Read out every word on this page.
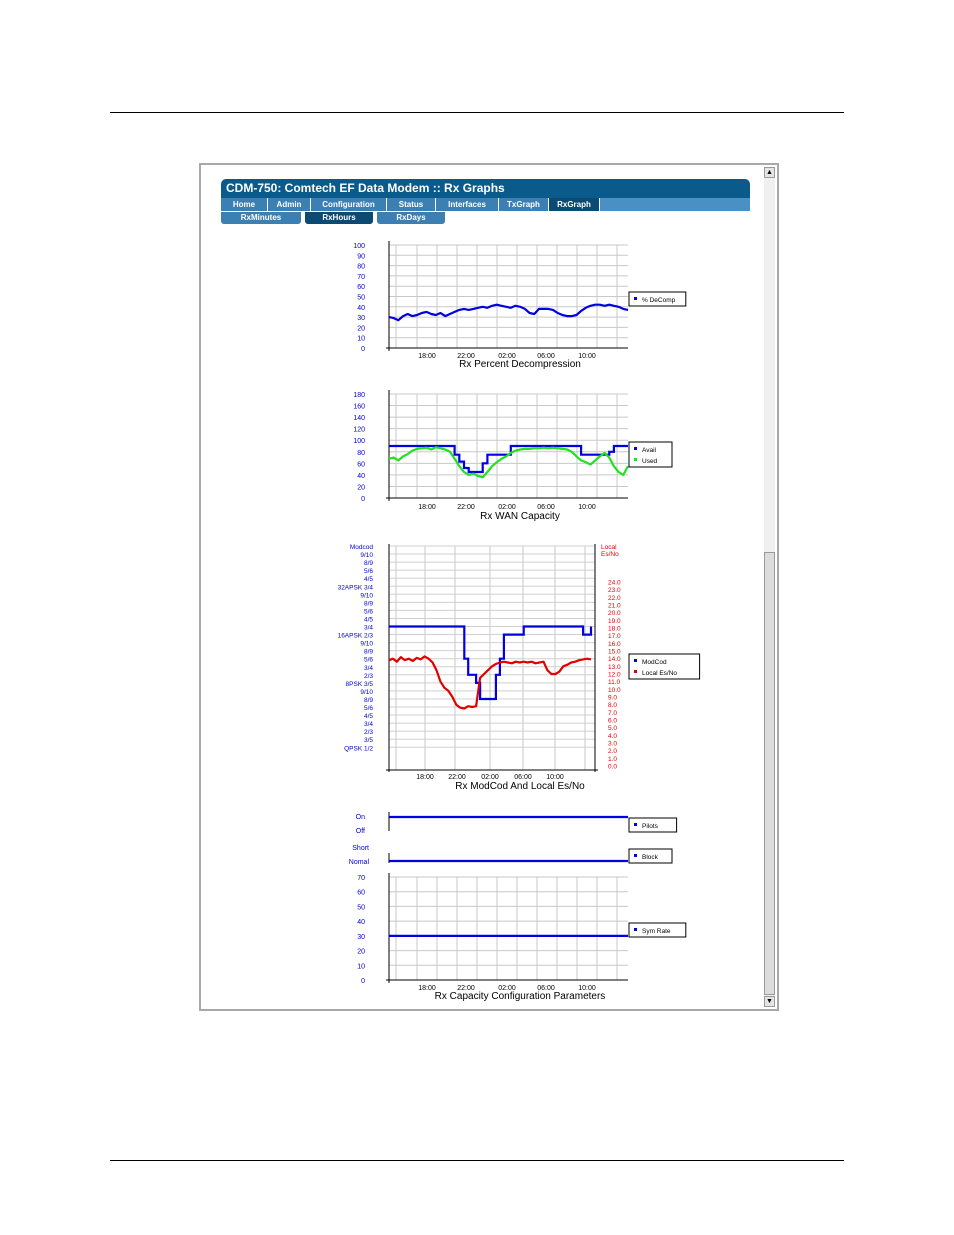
CDM-750: Comtech EF Data Modem :: Rx Graphs
Home	Admin	Configuration	Status	Interfaces	TxGraph	RxGraph
RxMinutes	RxHours	RxDays
100
90
80
70
60
50
40
30
20
10
0
18:00	22:00	02:00	06:00	10:00
Rx Percent Decompression
% DeComp
180
160
140
120
100
80
60
40
20
0
18:00	22:00	02:00	06:00	10:00
Rx WAN Capacity
Avail
Used
Modcod
9/10
8/9
5/6
4/5
32APSK 3/4
9/10
8/9
5/6
4/5
3/4
16APSK 2/3
9/10
8/9
5/6
3/4
2/3
8PSK 3/5
9/10
8/9
5/6
4/5
3/4
2/3
3/5
QPSK 1/2
Local
Es/No
24.0
23.0
22.0
21.0
20.0
19.0
18.0
17.0
16.0
15.0
14.0
13.0
12.0
11.0
10.0
9.0
8.0
7.0
6.0
5.0
4.0
3.0
2.0
1.0
0.0
18:00 22:00 02:00 06:00 10:00
Rx ModCod And Local Es/No
ModCod
Local Es/No
On
Off
Pilots
Short
Nomal
Block
70
60
50
40
30
20
10
0
Sym Rate
18:00	22:00	02:00	06:00	10:00
Rx Capacity Configuration Parameters
▲
▼
